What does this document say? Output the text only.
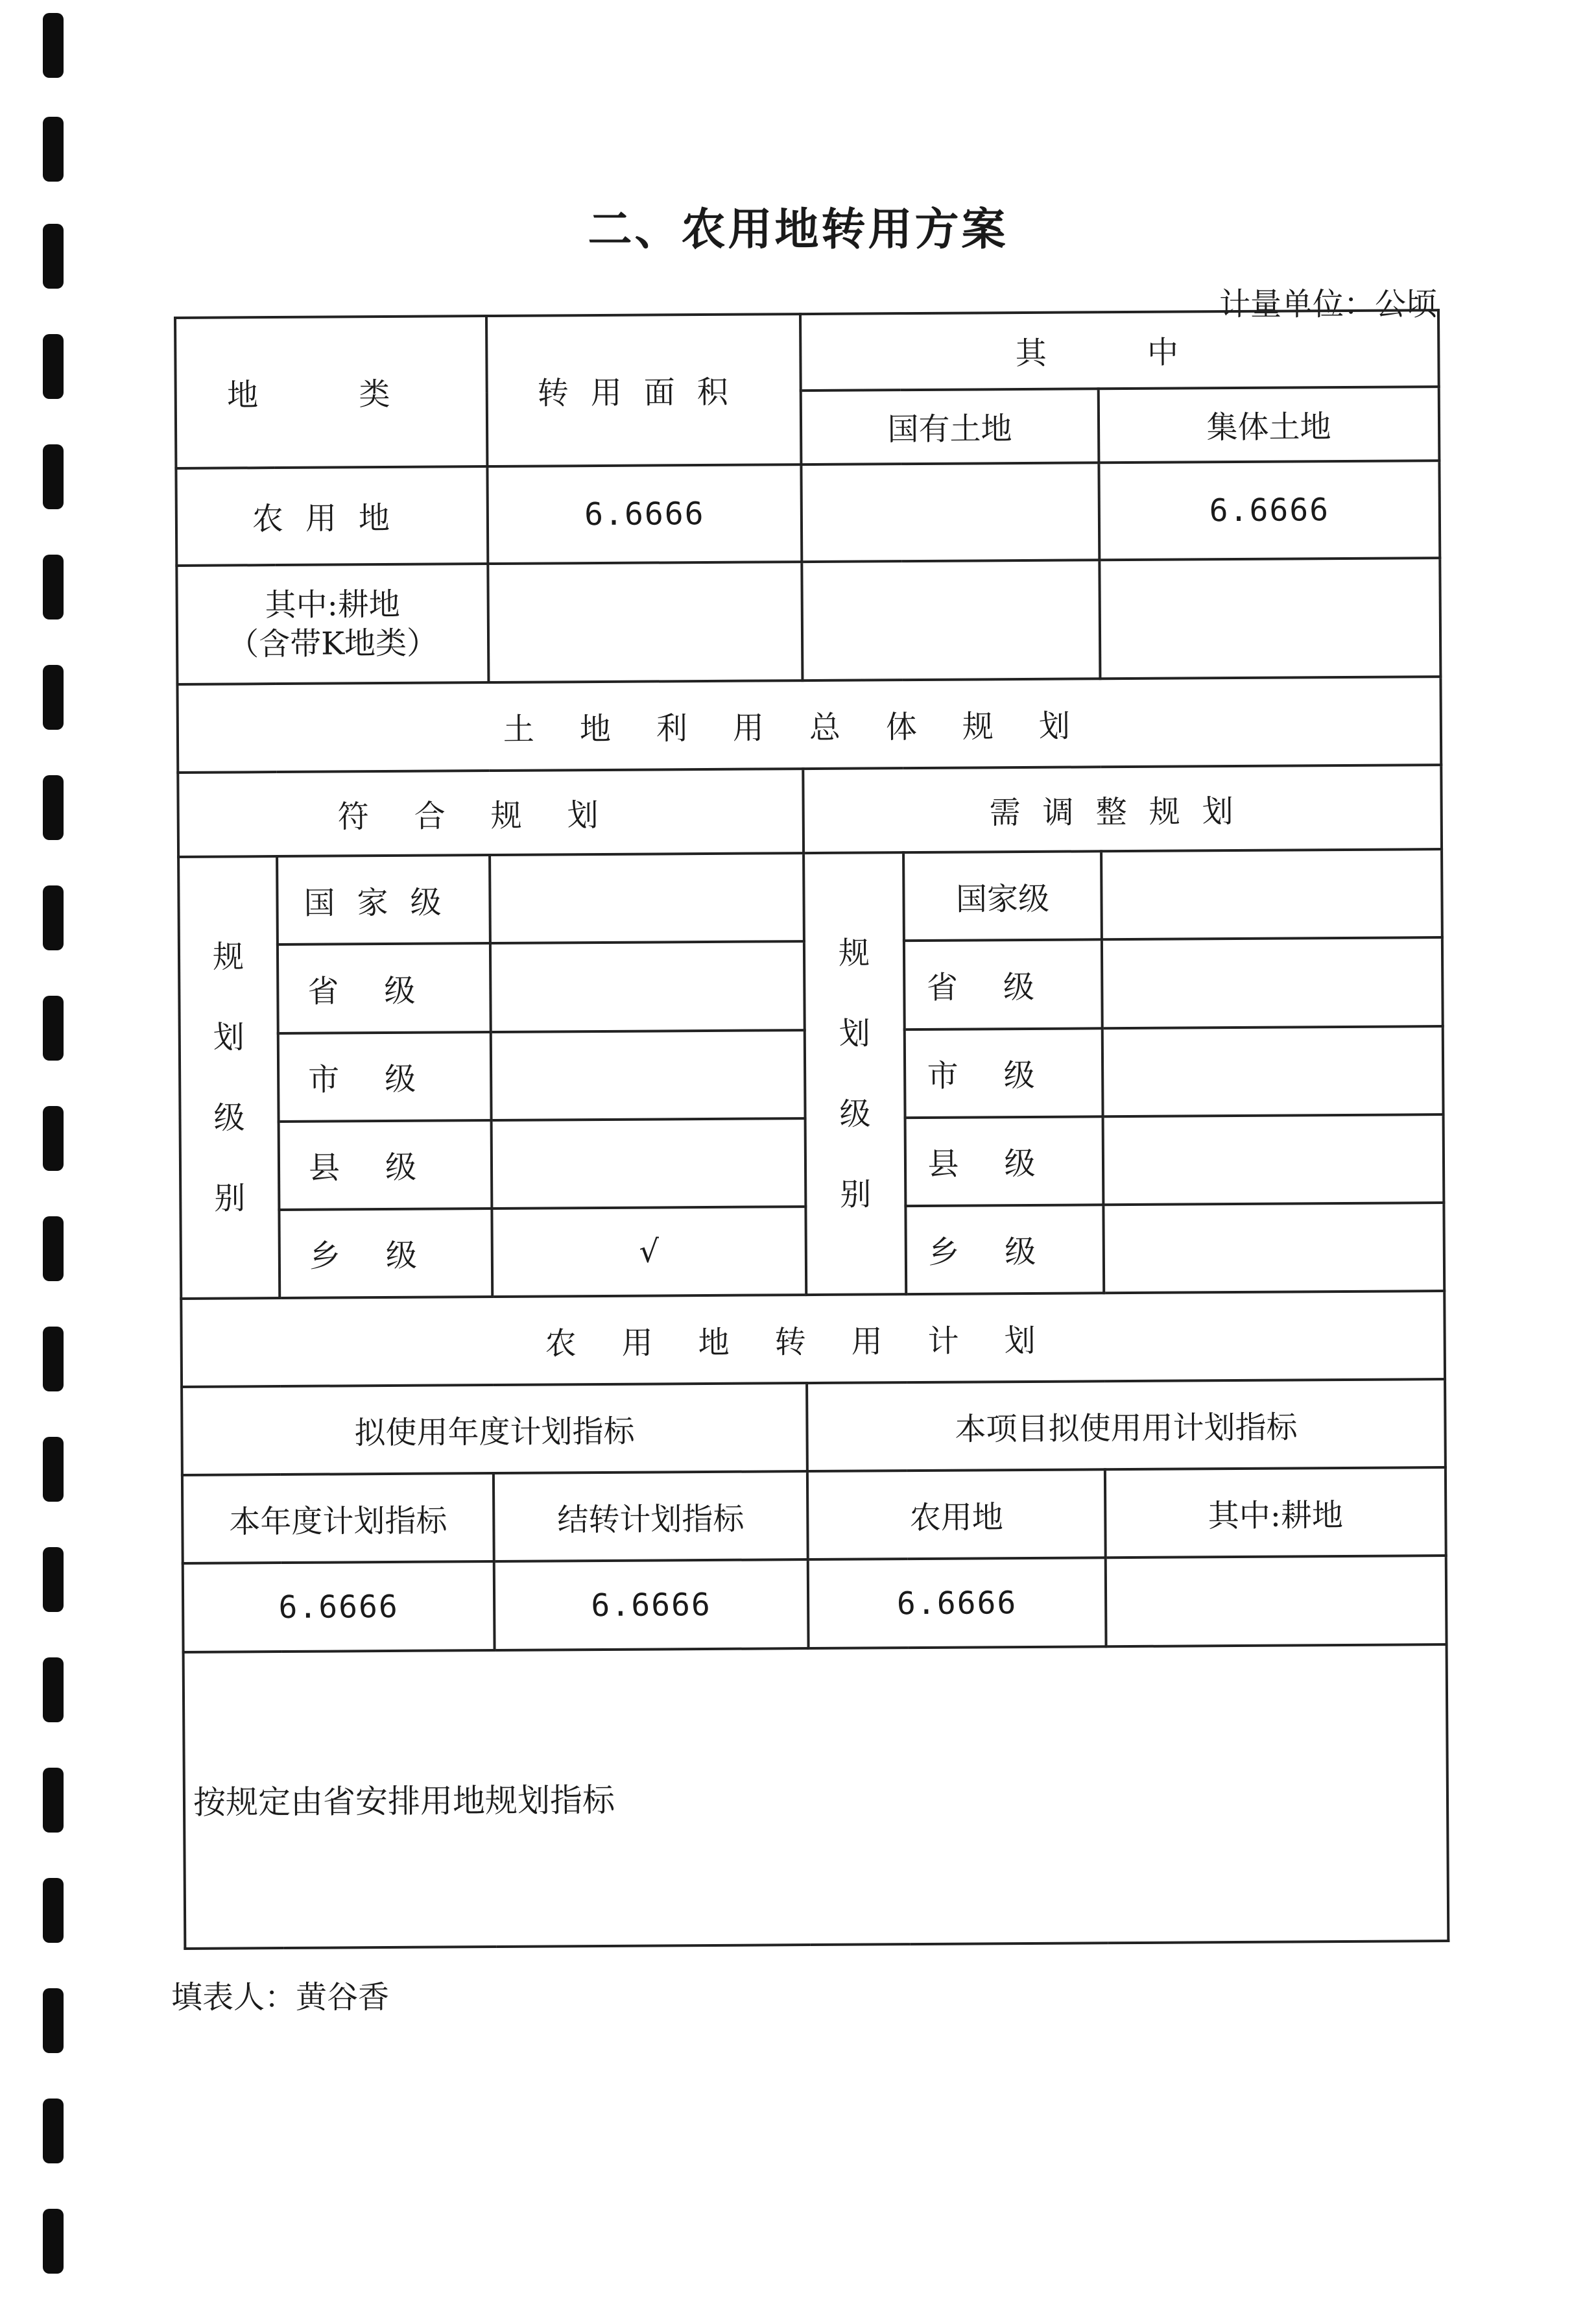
二、农用地转用方案
计量单位：公顷
地 类		转用面积	其 中		
			国有土地		集体土地
农用地		6.6666			6.6666

其中:耕地
（含带K地类）					

土地利用总体规划					
符合规划			需调整规划		

规划级别	国家级		规划级别	国家级	
	省级			省级	
	市级			市级	
	县级			县级	
	乡级	√		乡级	
农用地转用计划					
拟使用年度计划指标			本项目拟使用用计划指标		
本年度计划指标		结转计划指标	农用地		其中:耕地
6.6666		6.6666	6.6666		
按规定由省安排用地规划指标					
填表人：黄谷香
